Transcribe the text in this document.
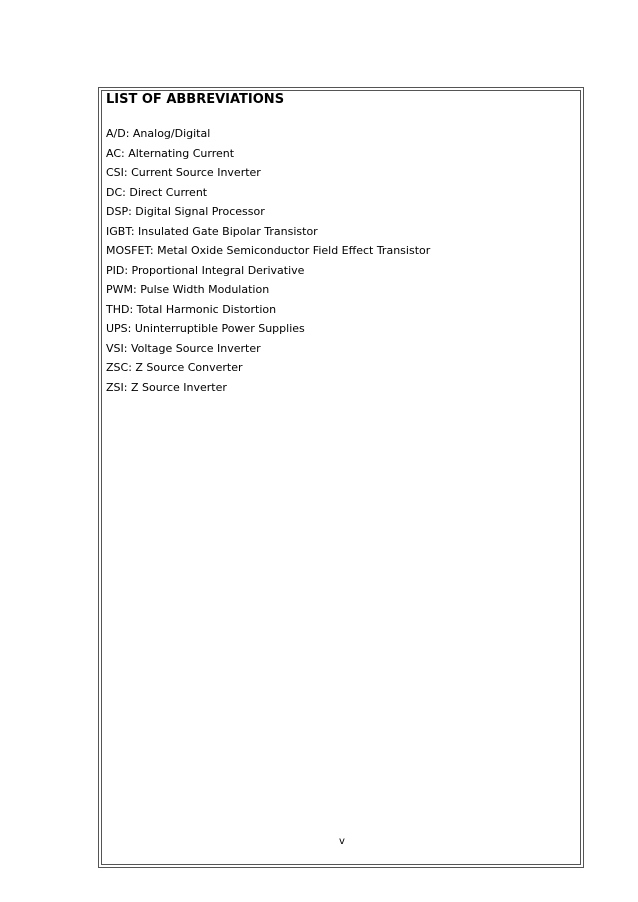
LIST OF ABBREVIATIONS
A/D: Analog/Digital
AC: Alternating Current
CSI: Current Source Inverter
DC: Direct Current
DSP: Digital Signal Processor
IGBT: Insulated Gate Bipolar Transistor
MOSFET: Metal Oxide Semiconductor Field Effect Transistor
PID: Proportional Integral Derivative
PWM: Pulse Width Modulation
THD: Total Harmonic Distortion
UPS: Uninterruptible Power Supplies
VSI: Voltage Source Inverter
ZSC: Z Source Converter
ZSI: Z Source Inverter
v
